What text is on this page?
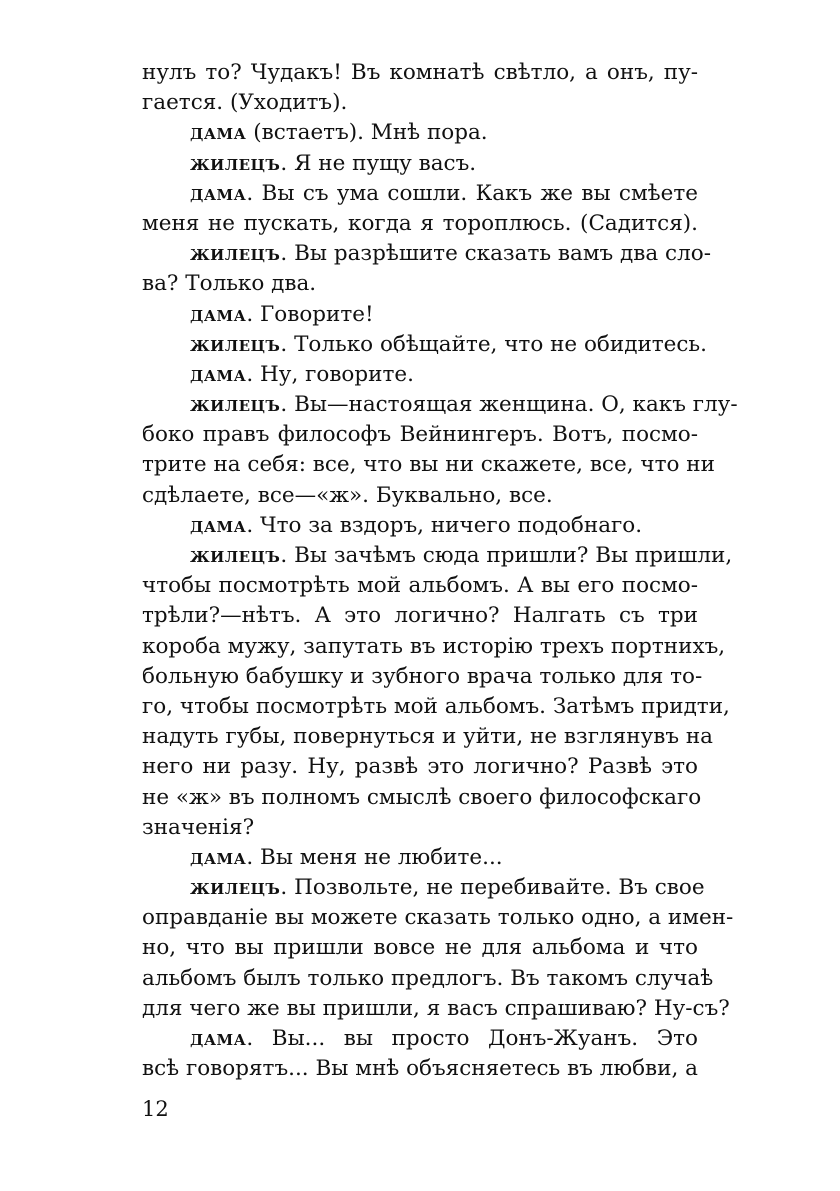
нулъ то? Чудакъ! Въ комнатѣ свѣтло, а онъ, пу-
гается. (Уходитъ).
ДАМА (встаетъ). Мнѣ пора.
ЖИЛЕЦЪ. Я не пущу васъ.
ДАМА. Вы съ ума сошли. Какъ же вы смѣете
меня не пускать, когда я тороплюсь. (Садится).
ЖИЛЕЦЪ. Вы разрѣшите сказать вамъ два сло-
ва? Только два.
ДАМА. Говорите!
ЖИЛЕЦЪ. Только обѣщайте, что не обидитесь.
ДАМА. Ну, говорите.
ЖИЛЕЦЪ. Вы—настоящая женщина. О, какъ глу-
боко правъ философъ Вейнингеръ. Вотъ, посмо-
трите на себя: все, что вы ни скажете, все, что ни
сдѣлаете, все—«ж». Буквально, все.
ДАМА. Что за вздоръ, ничего подобнаго.
ЖИЛЕЦЪ. Вы зачѣмъ сюда пришли? Вы пришли,
чтобы посмотрѣть мой альбомъ. А вы его посмо-
трѣли?—нѣтъ. А это логично? Налгать съ три
короба мужу, запутать въ исторію трехъ портнихъ,
больную бабушку и зубного врача только для то-
го, чтобы посмотрѣть мой альбомъ. Затѣмъ придти,
надуть губы, повернуться и уйти, не взглянувъ на
него ни разу. Ну, развѣ это логично? Развѣ это
не «ж» въ полномъ смыслѣ своего философскаго
значенія?
ДАМА. Вы меня не любите...
ЖИЛЕЦЪ. Позвольте, не перебивайте. Въ свое
оправданіе вы можете сказать только одно, а имен-
но, что вы пришли вовсе не для альбома и что
альбомъ былъ только предлогъ. Въ такомъ случаѣ
для чего же вы пришли, я васъ спрашиваю? Ну-съ?
ДАМА. Вы... вы просто Донъ-Жуанъ. Это
всѣ говорятъ... Вы мнѣ объясняетесь въ любви, а
12
